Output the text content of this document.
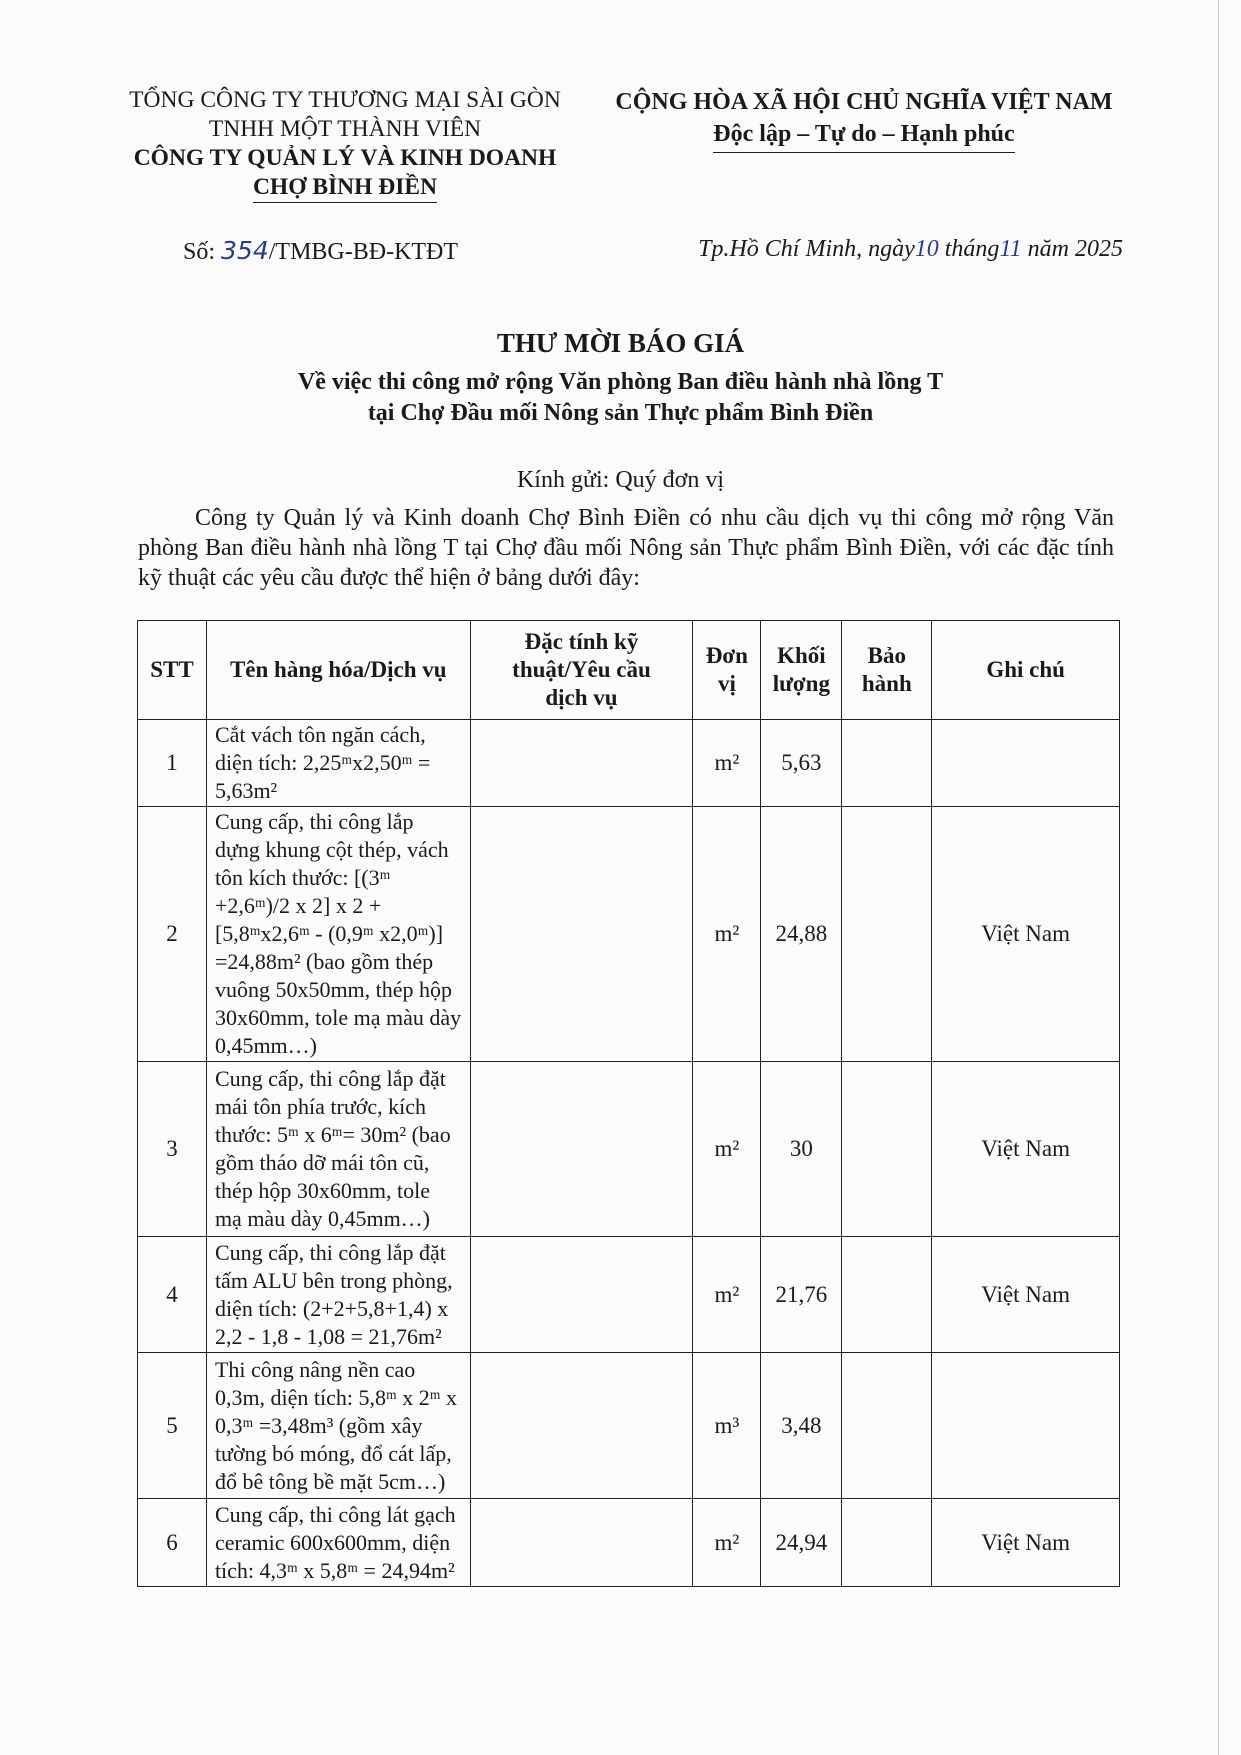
TỔNG CÔNG TY THƯƠNG MẠI SÀI GÒN
TNHH MỘT THÀNH VIÊN
CÔNG TY QUẢN LÝ VÀ KINH DOANH
CHỢ BÌNH ĐIỀN
CỘNG HÒA XÃ HỘI CHỦ NGHĨA VIỆT NAM
Độc lập – Tự do – Hạnh phúc
Số: 354/TMBG-BĐ-KTĐT	Tp.Hồ Chí Minh, ngày10 tháng11 năm 2025
THƯ MỜI BÁO GIÁ
Về việc thi công mở rộng Văn phòng Ban điều hành nhà lồng T
tại Chợ Đầu mối Nông sản Thực phẩm Bình Điền
Kính gửi: Quý đơn vị
Công ty Quản lý và Kinh doanh Chợ Bình Điền có nhu cầu dịch vụ thi công mở rộng Văn phòng Ban điều hành nhà lồng T tại Chợ đầu mối Nông sản Thực phẩm Bình Điền, với các đặc tính kỹ thuật các yêu cầu được thể hiện ở bảng dưới đây:
STT	Tên hàng hóa/Dịch vụ	Đặc tính kỹ thuật/Yêu cầu dịch vụ	Đơn vị	Khối lượng	Bảo hành	Ghi chú
1	Cắt vách tôn ngăn cách, diện tích: 2,25ᵐx2,50ᵐ = 5,63m²		m²	5,63		
2	Cung cấp, thi công lắp dựng khung cột thép, vách tôn kích thước: [(3ᵐ +2,6ᵐ)/2 x 2] x 2 + [5,8ᵐx2,6ᵐ - (0,9ᵐ x2,0ᵐ)] =24,88m² (bao gồm thép vuông 50x50mm, thép hộp 30x60mm, tole mạ màu dày 0,45mm…)		m²	24,88		Việt Nam
3	Cung cấp, thi công lắp đặt mái tôn phía trước, kích thước: 5ᵐ x 6ᵐ= 30m² (bao gồm tháo dỡ mái tôn cũ, thép hộp 30x60mm, tole mạ màu dày 0,45mm…)		m²	30		Việt Nam
4	Cung cấp, thi công lắp đặt tấm ALU bên trong phòng, diện tích: (2+2+5,8+1,4) x 2,2 - 1,8 - 1,08 = 21,76m²		m²	21,76		Việt Nam
5	Thi công nâng nền cao 0,3m, diện tích: 5,8ᵐ x 2ᵐ x 0,3ᵐ =3,48m³ (gồm xây tường bó móng, đổ cát lấp, đổ bê tông bề mặt 5cm…)		m³	3,48		
6	Cung cấp, thi công lát gạch ceramic 600x600mm, diện tích: 4,3ᵐ x 5,8ᵐ = 24,94m²		m²	24,94		Việt Nam
